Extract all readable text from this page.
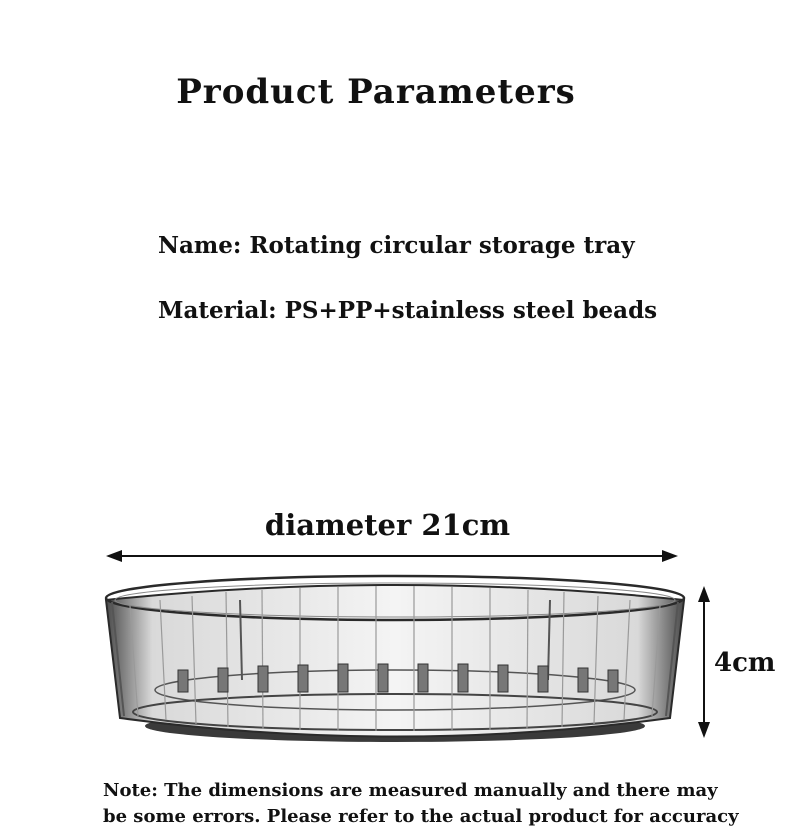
Product Parameters
Name: Rotating circular storage tray
Material: PS+PP+stainless steel beads
diameter 21cm
4cm
Note: The dimensions are measured manually and there may
be some errors. Please refer to the actual product for accuracy
